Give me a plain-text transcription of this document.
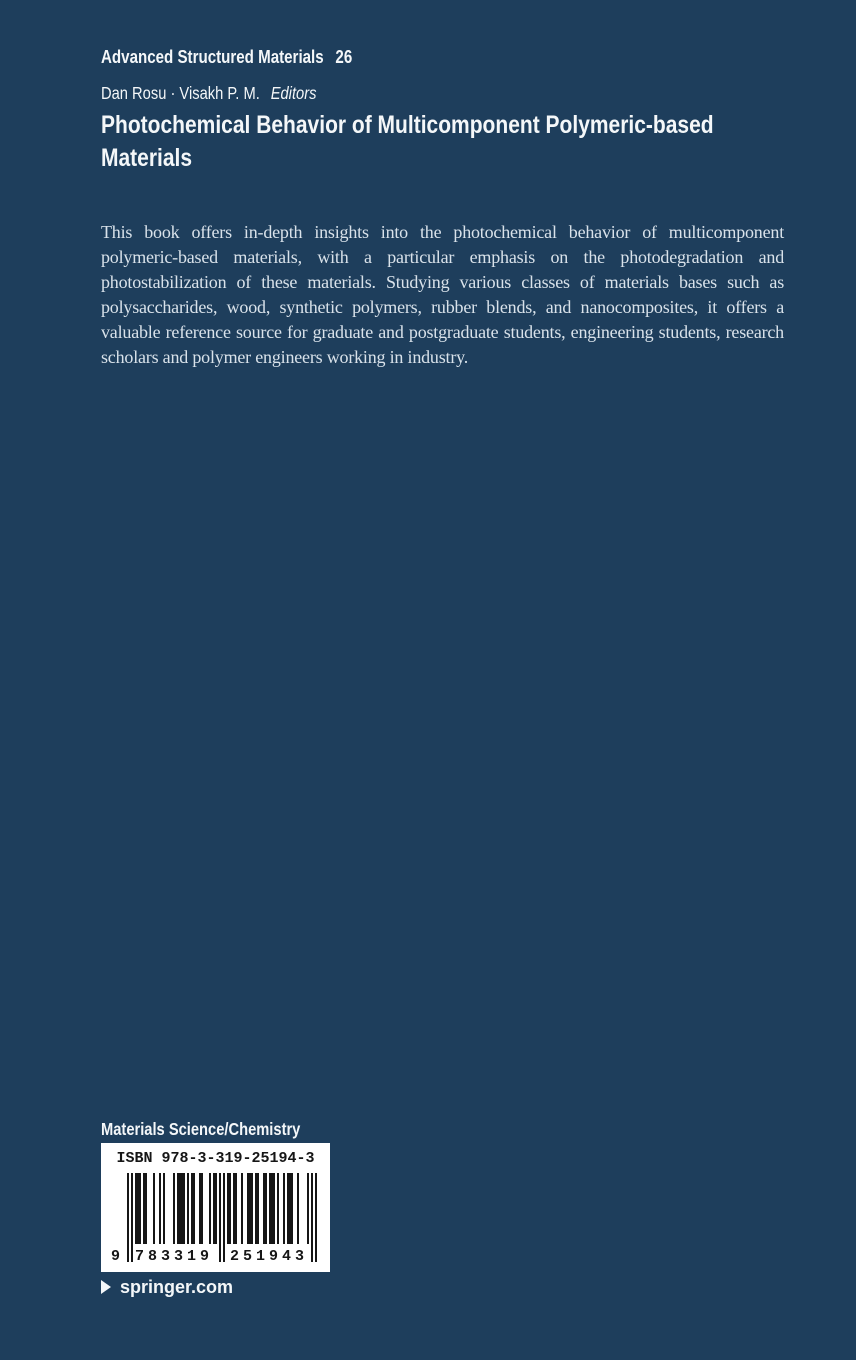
Advanced Structured Materials 26
Dan Rosu · Visakh P. M. Editors
Photochemical Behavior of Multicomponent Polymeric-based
Materials

This book offers in-depth insights into the photochemical behavior of multicomponent polymeric-based materials, with a particular emphasis on the photodegradation and photostabilization of these materials. Studying various classes of materials bases such as polysaccharides, wood, synthetic polymers, rubber blends, and nanocomposites, it offers a valuable reference source for graduate and postgraduate students, engineering students, research scholars and polymer engineers working in industry.

Materials Science/Chemistry
ISBN 978-3-319-25194-3
9 783319 251943
springer.com
